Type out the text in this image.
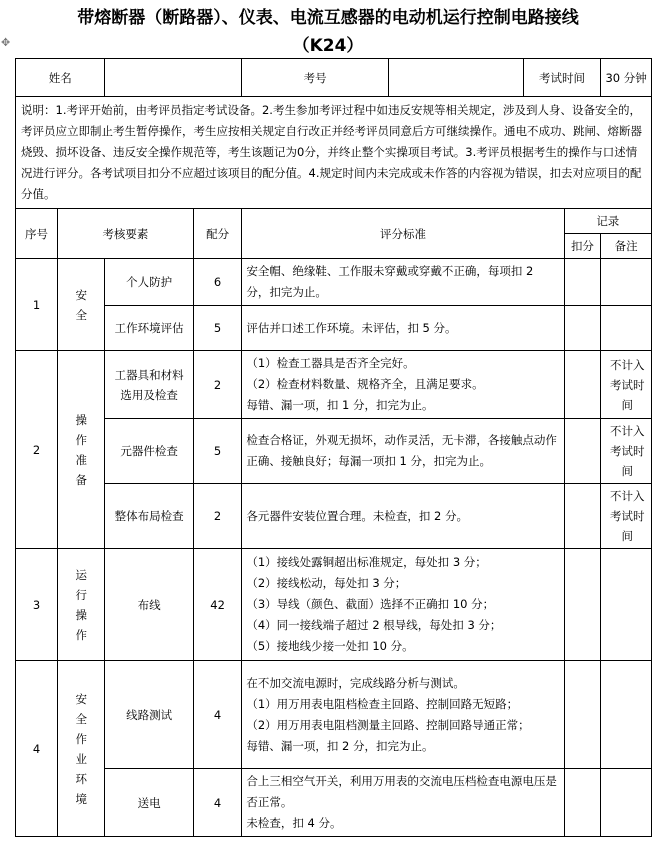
带熔断器（断路器）、仪表、电流互感器的电动机运行控制电路接线
（K24）
✥
姓名				考号		考试时间		30 分钟
说明：1.考评开始前，由考评员指定考试设备。2.考生参加考评过程中如违反安规等相关规定，涉及到人身、设备安全的，考评员应立即制止考生暂停操作，考生应按相关规定自行改正并经考评员同意后方可继续操作。通电不成功、跳闸、熔断器烧毁、损坏设备、违反安全操作规范等，考生该题记为0分，并终止整个实操项目考试。3.考评员根据考生的操作与口述情况进行评分。各考试项目扣分不应超过该项目的配分值。4.规定时间内未完成或未作答的内容视为错误，扣去对应项目的配分值。								
序号	考核要素		配分	评分标准			记录	
							扣分	备注
1	安全	个人防护	6	安全帽、绝缘鞋、工作服未穿戴或穿戴不正确，每项扣 2 分，扣完为止。				

		工作环境评估	5	评估并口述工作环境。未评估，扣 5 分。				

2	操作准备	工器具和材料选用及检查	2	（1）检查工器具是否齐全完好。
（2）检查材料数量、规格齐全，且满足要求。
每错、漏一项，扣 1 分，扣完为止。				不计入考试时间

		元器件检查	5	检查合格证，外观无损坏，动作灵活，无卡滞，各接触点动作正确、接触良好；每漏一项扣 1 分，扣完为止。				不计入考试时间

		整体布局检查	2	各元器件安装位置合理。未检查，扣 2 分。				不计入考试时间

3	运行操作	布线	42	（1）接线处露铜超出标准规定，每处扣 3 分；
（2）接线松动，每处扣 3 分；
（3）导线（颜色、截面）选择不正确扣 10 分；
（4）同一接线端子超过 2 根导线，每处扣 3 分；
（5）接地线少接一处扣 10 分。				

4	安全作业环境	线路测试	4	在不加交流电源时，完成线路分析与测试。
（1）用万用表电阻档检查主回路、控制回路无短路；
（2）用万用表电阻档测量主回路、控制回路导通正常；
每错、漏一项，扣 2 分，扣完为止。				

		送电	4	合上三相空气开关，利用万用表的交流电压档检查电源电压是否正常。
未检查，扣 4 分。				
